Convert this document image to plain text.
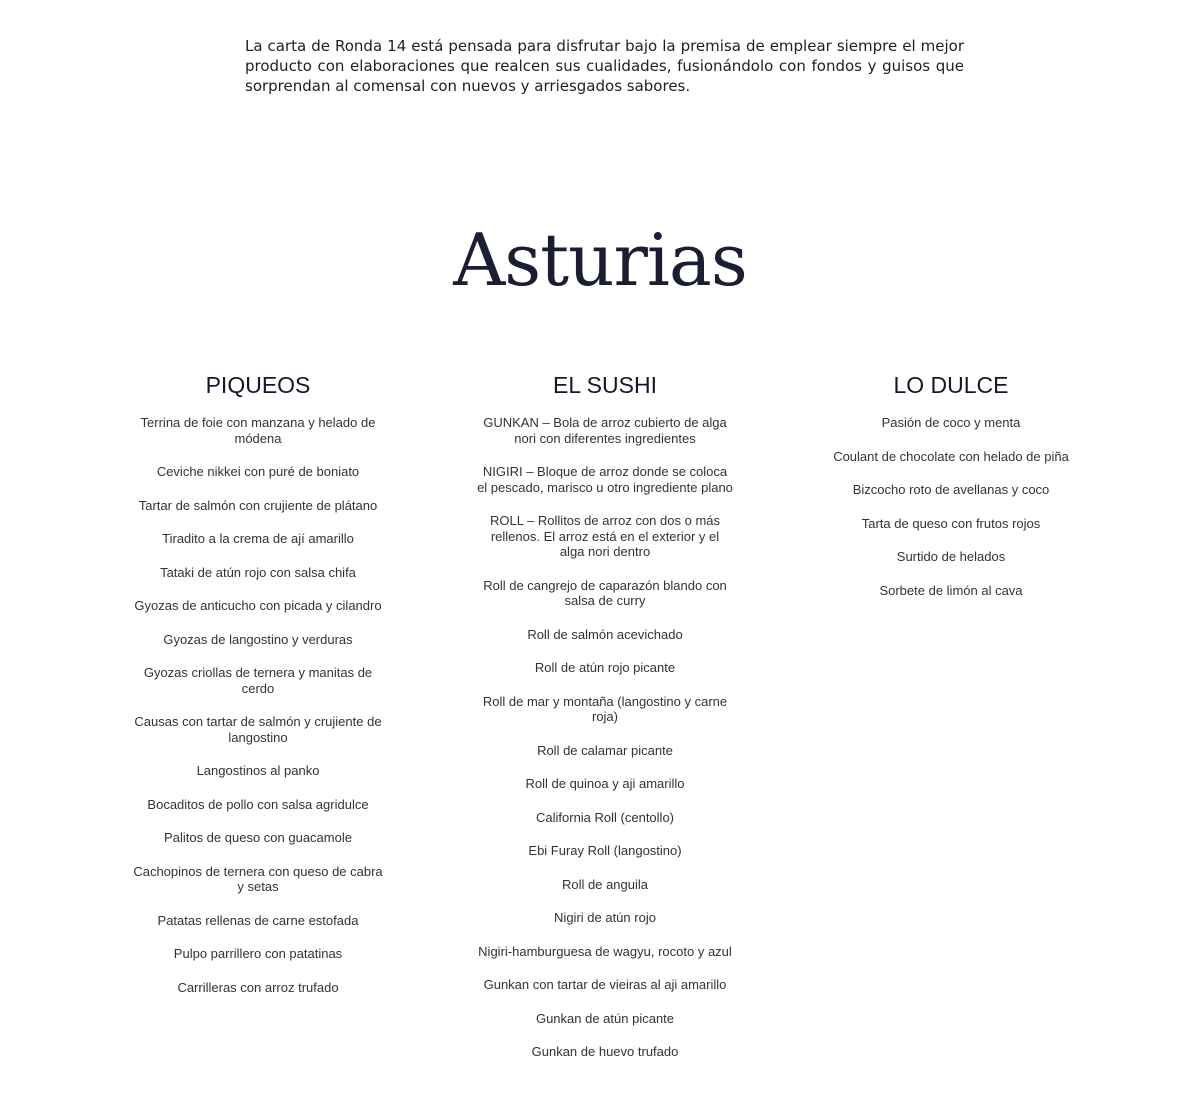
La carta de Ronda 14 está pensada para disfrutar bajo la premisa de emplear siempre el mejor producto con elaboraciones que realcen sus cualidades, fusionándolo con fondos y guisos que sorprendan al comensal con nuevos y arriesgados sabores.

Asturias
PIQUEOS
Terrina de foie con manzana y helado de módena
Ceviche nikkei con puré de boniato
Tartar de salmón con crujiente de plátano
Tiradito a la crema de ají amarillo
Tataki de atún rojo con salsa chifa
Gyozas de anticucho con picada y cilandro
Gyozas de langostino y verduras
Gyozas criollas de ternera y manitas de cerdo
Causas con tartar de salmón y crujiente de langostino
Langostinos al panko
Bocaditos de pollo con salsa agridulce
Palitos de queso con guacamole
Cachopinos de ternera con queso de cabra y setas
Patatas rellenas de carne estofada
Pulpo parrillero con patatinas
Carrilleras con arroz trufado
EL SUSHI
GUNKAN – Bola de arroz cubierto de alga nori con diferentes ingredientes
NIGIRI – Bloque de arroz donde se coloca el pescado, marisco u otro ingrediente plano
ROLL – Rollitos de arroz con dos o más rellenos. El arroz está en el exterior y el alga nori dentro
Roll de cangrejo de caparazón blando con salsa de curry
Roll de salmón acevichado
Roll de atún rojo picante
Roll de mar y montaña (langostino y carne roja)
Roll de calamar picante
Roll de quinoa y aji amarillo
California Roll (centollo)
Ebi Furay Roll (langostino)
Roll de anguila
Nigiri de atún rojo
Nigiri-hamburguesa de wagyu, rocoto y azul
Gunkan con tartar de vieiras al aji amarillo
Gunkan de atún picante
Gunkan de huevo trufado
LO DULCE
Pasión de coco y menta
Coulant de chocolate con helado de piña
Bizcocho roto de avellanas y coco
Tarta de queso con frutos rojos
Surtido de helados
Sorbete de limón al cava
